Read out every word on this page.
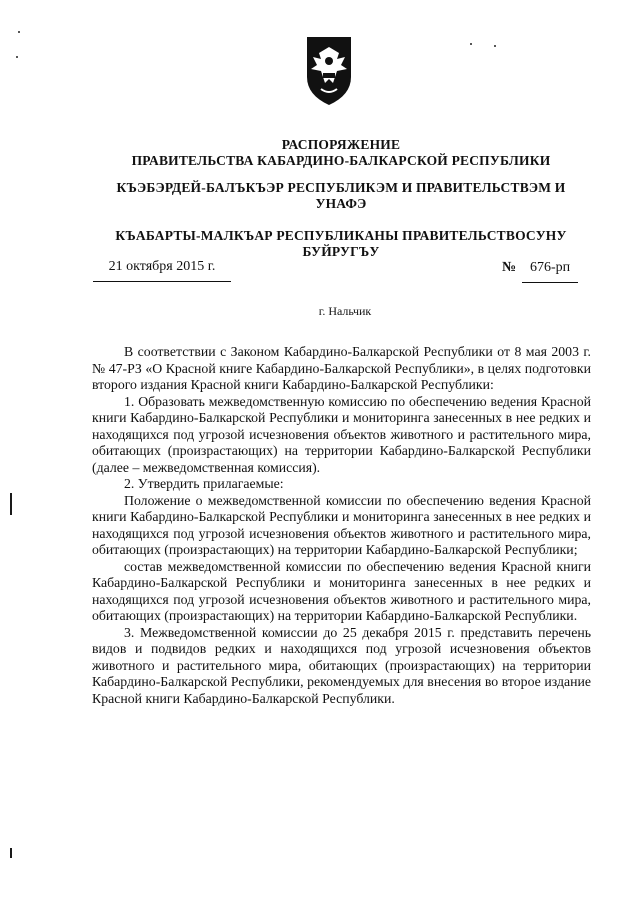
РАСПОРЯЖЕНИЕ
ПРАВИТЕЛЬСТВА КАБАРДИНО-БАЛКАРСКОЙ РЕСПУБЛИКИ
КЪЭБЭРДЕЙ-БАЛЪКЪЭР РЕСПУБЛИКЭМ И ПРАВИТЕЛЬСТВЭМ И УНАФЭ
КЪАБАРТЫ-МАЛКЪАР РЕСПУБЛИКАНЫ ПРАВИТЕЛЬСТВОСУНУ БУЙРУГЪУ
21 октября 2015 г.	№ 676-рп
г. Нальчик

В соответствии с Законом Кабардино-Балкарской Республики от 8 мая 2003 г. № 47-РЗ «О Красной книге Кабардино-Балкарской Республики», в целях подготовки второго издания Красной книги Кабардино-Балкарской Республики:

1. Образовать межведомственную комиссию по обеспечению ведения Красной книги Кабардино-Балкарской Республики и мониторинга занесенных в нее редких и находящихся под угрозой исчезновения объектов животного и растительного мира, обитающих (произрастающих) на территории Кабардино-Балкарской Республики (далее – межведомственная комиссия).

2. Утвердить прилагаемые:

Положение о межведомственной комиссии по обеспечению ведения Красной книги Кабардино-Балкарской Республики и мониторинга занесенных в нее редких и находящихся под угрозой исчезновения объектов животного и растительного мира, обитающих (произрастающих) на территории Кабардино-Балкарской Республики;

состав межведомственной комиссии по обеспечению ведения Красной книги Кабардино-Балкарской Республики и мониторинга занесенных в нее редких и находящихся под угрозой исчезновения объектов животного и растительного мира, обитающих (произрастающих) на территории Кабардино-Балкарской Республики.

3. Межведомственной комиссии до 25 декабря 2015 г. представить перечень видов и подвидов редких и находящихся под угрозой исчезновения объектов животного и растительного мира, обитающих (произрастающих) на территории Кабардино-Балкарской Республики, рекомендуемых для внесения во второе издание Красной книги Кабардино-Балкарской Республики.
